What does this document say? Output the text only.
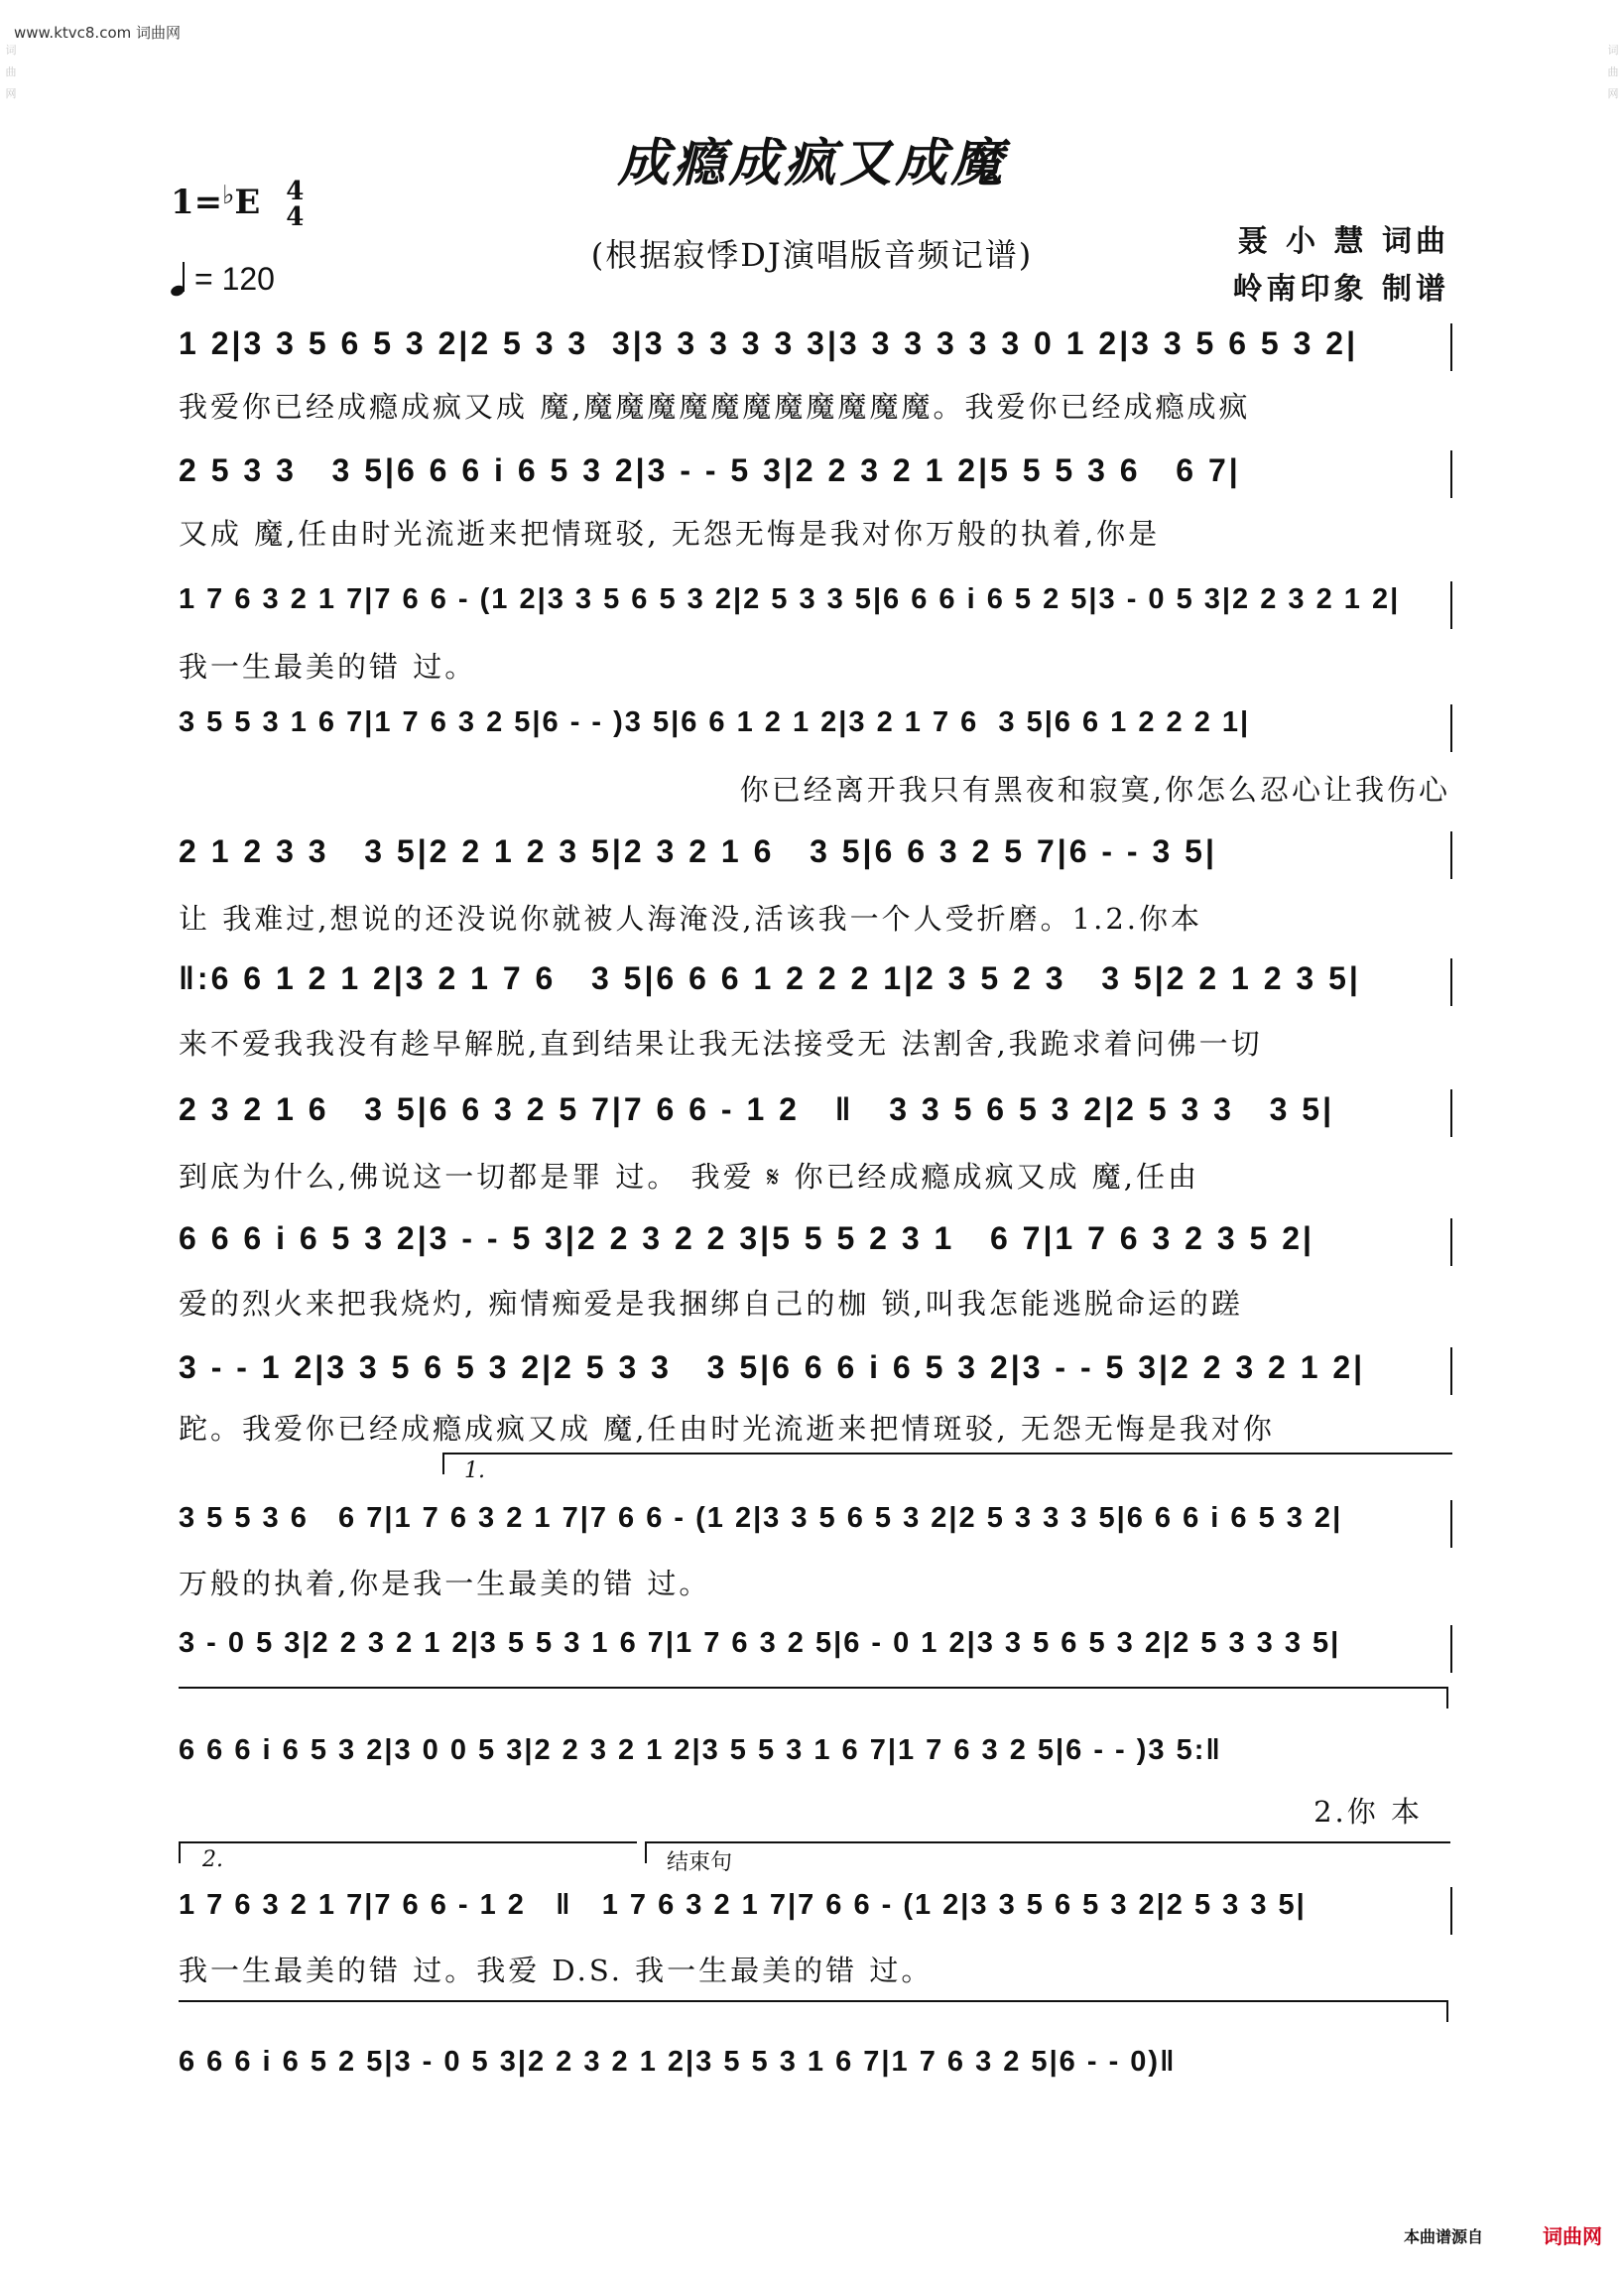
www.ktvc8.com 词曲网
词曲网
词曲网
成瘾成疯又成魔
1=♭E 4
4
= 120
(根据寂悸DJ演唱版音频记谱)	聂 小 慧 词曲
岭南印象 制谱
1 2|3 3 5 6 5 3 2|2 5 3 3  3|3 3 3 3 3 3|3 3 3 3 3 3 0 1 2|3 3 5 6 5 3 2|
我爱你已经成瘾成疯又成 魔,魔魔魔魔魔魔魔魔魔魔魔。我爱你已经成瘾成疯
2 5 3 3   3 5|6 6 6 i 6 5 3 2|3 - - 5 3|2 2 3 2 1 2|5 5 5 3 6   6 7|
又成 魔,任由时光流逝来把情斑驳, 无怨无悔是我对你万般的执着,你是
1 7 6 3 2 1 7|7 6 6 - (1 2|3 3 5 6 5 3 2|2 5 3 3 5|6 6 6 i 6 5 2 5|3 - 0 5 3|2 2 3 2 1 2|
我一生最美的错 过。
3 5 5 3 1 6 7|1 7 6 3 2 5|6 - - )3 5|6 6 1 2 1 2|3 2 1 7 6  3 5|6 6 1 2 2 2 1|
你已经离开我只有黑夜和寂寞,你怎么忍心让我伤心
2 1 2 3 3   3 5|2 2 1 2 3 5|2 3 2 1 6   3 5|6 6 3 2 5 7|6 - - 3 5|
让 我难过,想说的还没说你就被人海淹没,活该我一个人受折磨。1.2.你本
‖:6 6 1 2 1 2|3 2 1 7 6   3 5|6 6 6 1 2 2 2 1|2 3 5 2 3   3 5|2 2 1 2 3 5|
来不爱我我没有趁早解脱,直到结果让我无法接受无 法割舍,我跪求着问佛一切
2 3 2 1 6   3 5|6 6 3 2 5 7|7 6 6 - 1 2   ‖   3 3 5 6 5 3 2|2 5 3 3   3 5|
到底为什么,佛说这一切都是罪 过。 我爱 𝄋 你已经成瘾成疯又成 魔,任由
6 6 6 i 6 5 3 2|3 - - 5 3|2 2 3 2 2 3|5 5 5 2 3 1   6 7|1 7 6 3 2 3 5 2|
爱的烈火来把我烧灼, 痴情痴爱是我捆绑自己的枷 锁,叫我怎能逃脱命运的蹉
3 - - 1 2|3 3 5 6 5 3 2|2 5 3 3   3 5|6 6 6 i 6 5 3 2|3 - - 5 3|2 2 3 2 1 2|
跎。我爱你已经成瘾成疯又成 魔,任由时光流逝来把情斑驳, 无怨无悔是我对你
1.
3 5 5 3 6   6 7|1 7 6 3 2 1 7|7 6 6 - (1 2|3 3 5 6 5 3 2|2 5 3 3 3 5|6 6 6 i 6 5 3 2|
万般的执着,你是我一生最美的错 过。
3 - 0 5 3|2 2 3 2 1 2|3 5 5 3 1 6 7|1 7 6 3 2 5|6 - 0 1 2|3 3 5 6 5 3 2|2 5 3 3 3 5|
6 6 6 i 6 5 3 2|3 0 0 5 3|2 2 3 2 1 2|3 5 5 3 1 6 7|1 7 6 3 2 5|6 - - )3 5:‖
2.你 本
2.	结束句
1 7 6 3 2 1 7|7 6 6 - 1 2   ‖   1 7 6 3 2 1 7|7 6 6 - (1 2|3 3 5 6 5 3 2|2 5 3 3 5|
我一生最美的错 过。我爱 D.S. 我一生最美的错 过。
6 6 6 i 6 5 2 5|3 - 0 5 3|2 2 3 2 1 2|3 5 5 3 1 6 7|1 7 6 3 2 5|6 - - 0)‖
本曲谱源自	词曲网
